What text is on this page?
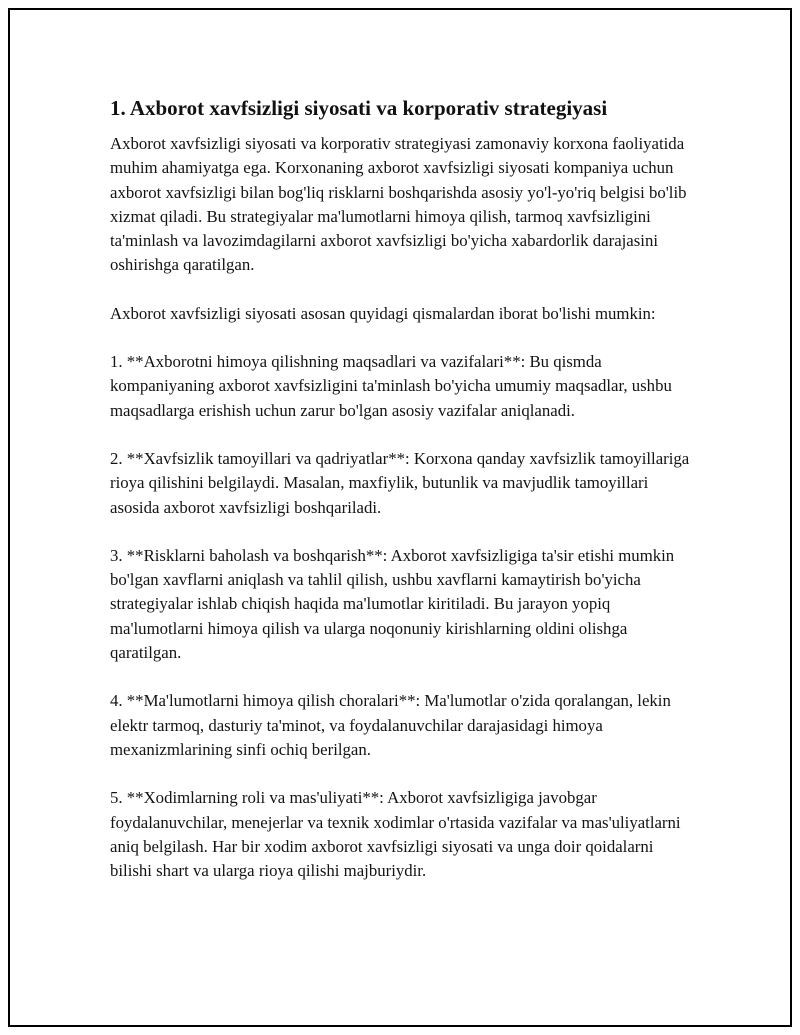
1. Axborot xavfsizligi siyosati va korporativ strategiyasi

Axborot xavfsizligi siyosati va korporativ strategiyasi zamonaviy korxona faoliyatida muhim ahamiyatga ega. Korxonaning axborot xavfsizligi siyosati kompaniya uchun axborot xavfsizligi bilan bog'liq risklarni boshqarishda asosiy yo'l-yo'riq belgisi bo'lib xizmat qiladi. Bu strategiyalar ma'lumotlarni himoya qilish, tarmoq xavfsizligini ta'minlash va lavozimdagilarni axborot xavfsizligi bo'yicha xabardorlik darajasini oshirishga qaratilgan.

Axborot xavfsizligi siyosati asosan quyidagi qismalardan iborat bo'lishi mumkin:

1. **Axborotni himoya qilishning maqsadlari va vazifalari**: Bu qismda kompaniyaning axborot xavfsizligini ta'minlash bo'yicha umumiy maqsadlar, ushbu maqsadlarga erishish uchun zarur bo'lgan asosiy vazifalar aniqlanadi.

2. **Xavfsizlik tamoyillari va qadriyatlar**: Korxona qanday xavfsizlik tamoyillariga rioya qilishini belgilaydi. Masalan, maxfiylik, butunlik va mavjudlik tamoyillari asosida axborot xavfsizligi boshqariladi.

3. **Risklarni baholash va boshqarish**: Axborot xavfsizligiga ta'sir etishi mumkin bo'lgan xavflarni aniqlash va tahlil qilish, ushbu xavflarni kamaytirish bo'yicha strategiyalar ishlab chiqish haqida ma'lumotlar kiritiladi. Bu jarayon yopiq ma'lumotlarni himoya qilish va ularga noqonuniy kirishlarning oldini olishga qaratilgan.

4. **Ma'lumotlarni himoya qilish choralari**: Ma'lumotlar o'zida qoralangan, lekin elektr tarmoq, dasturiy ta'minot, va foydalanuvchilar darajasidagi himoya mexanizmlarining sinfi ochiq berilgan.

5. **Xodimlarning roli va mas'uliyati**: Axborot xavfsizligiga javobgar foydalanuvchilar, menejerlar va texnik xodimlar o'rtasida vazifalar va mas'uliyatlarni aniq belgilash. Har bir xodim axborot xavfsizligi siyosati va unga doir qoidalarni bilishi shart va ularga rioya qilishi majburiydir.
